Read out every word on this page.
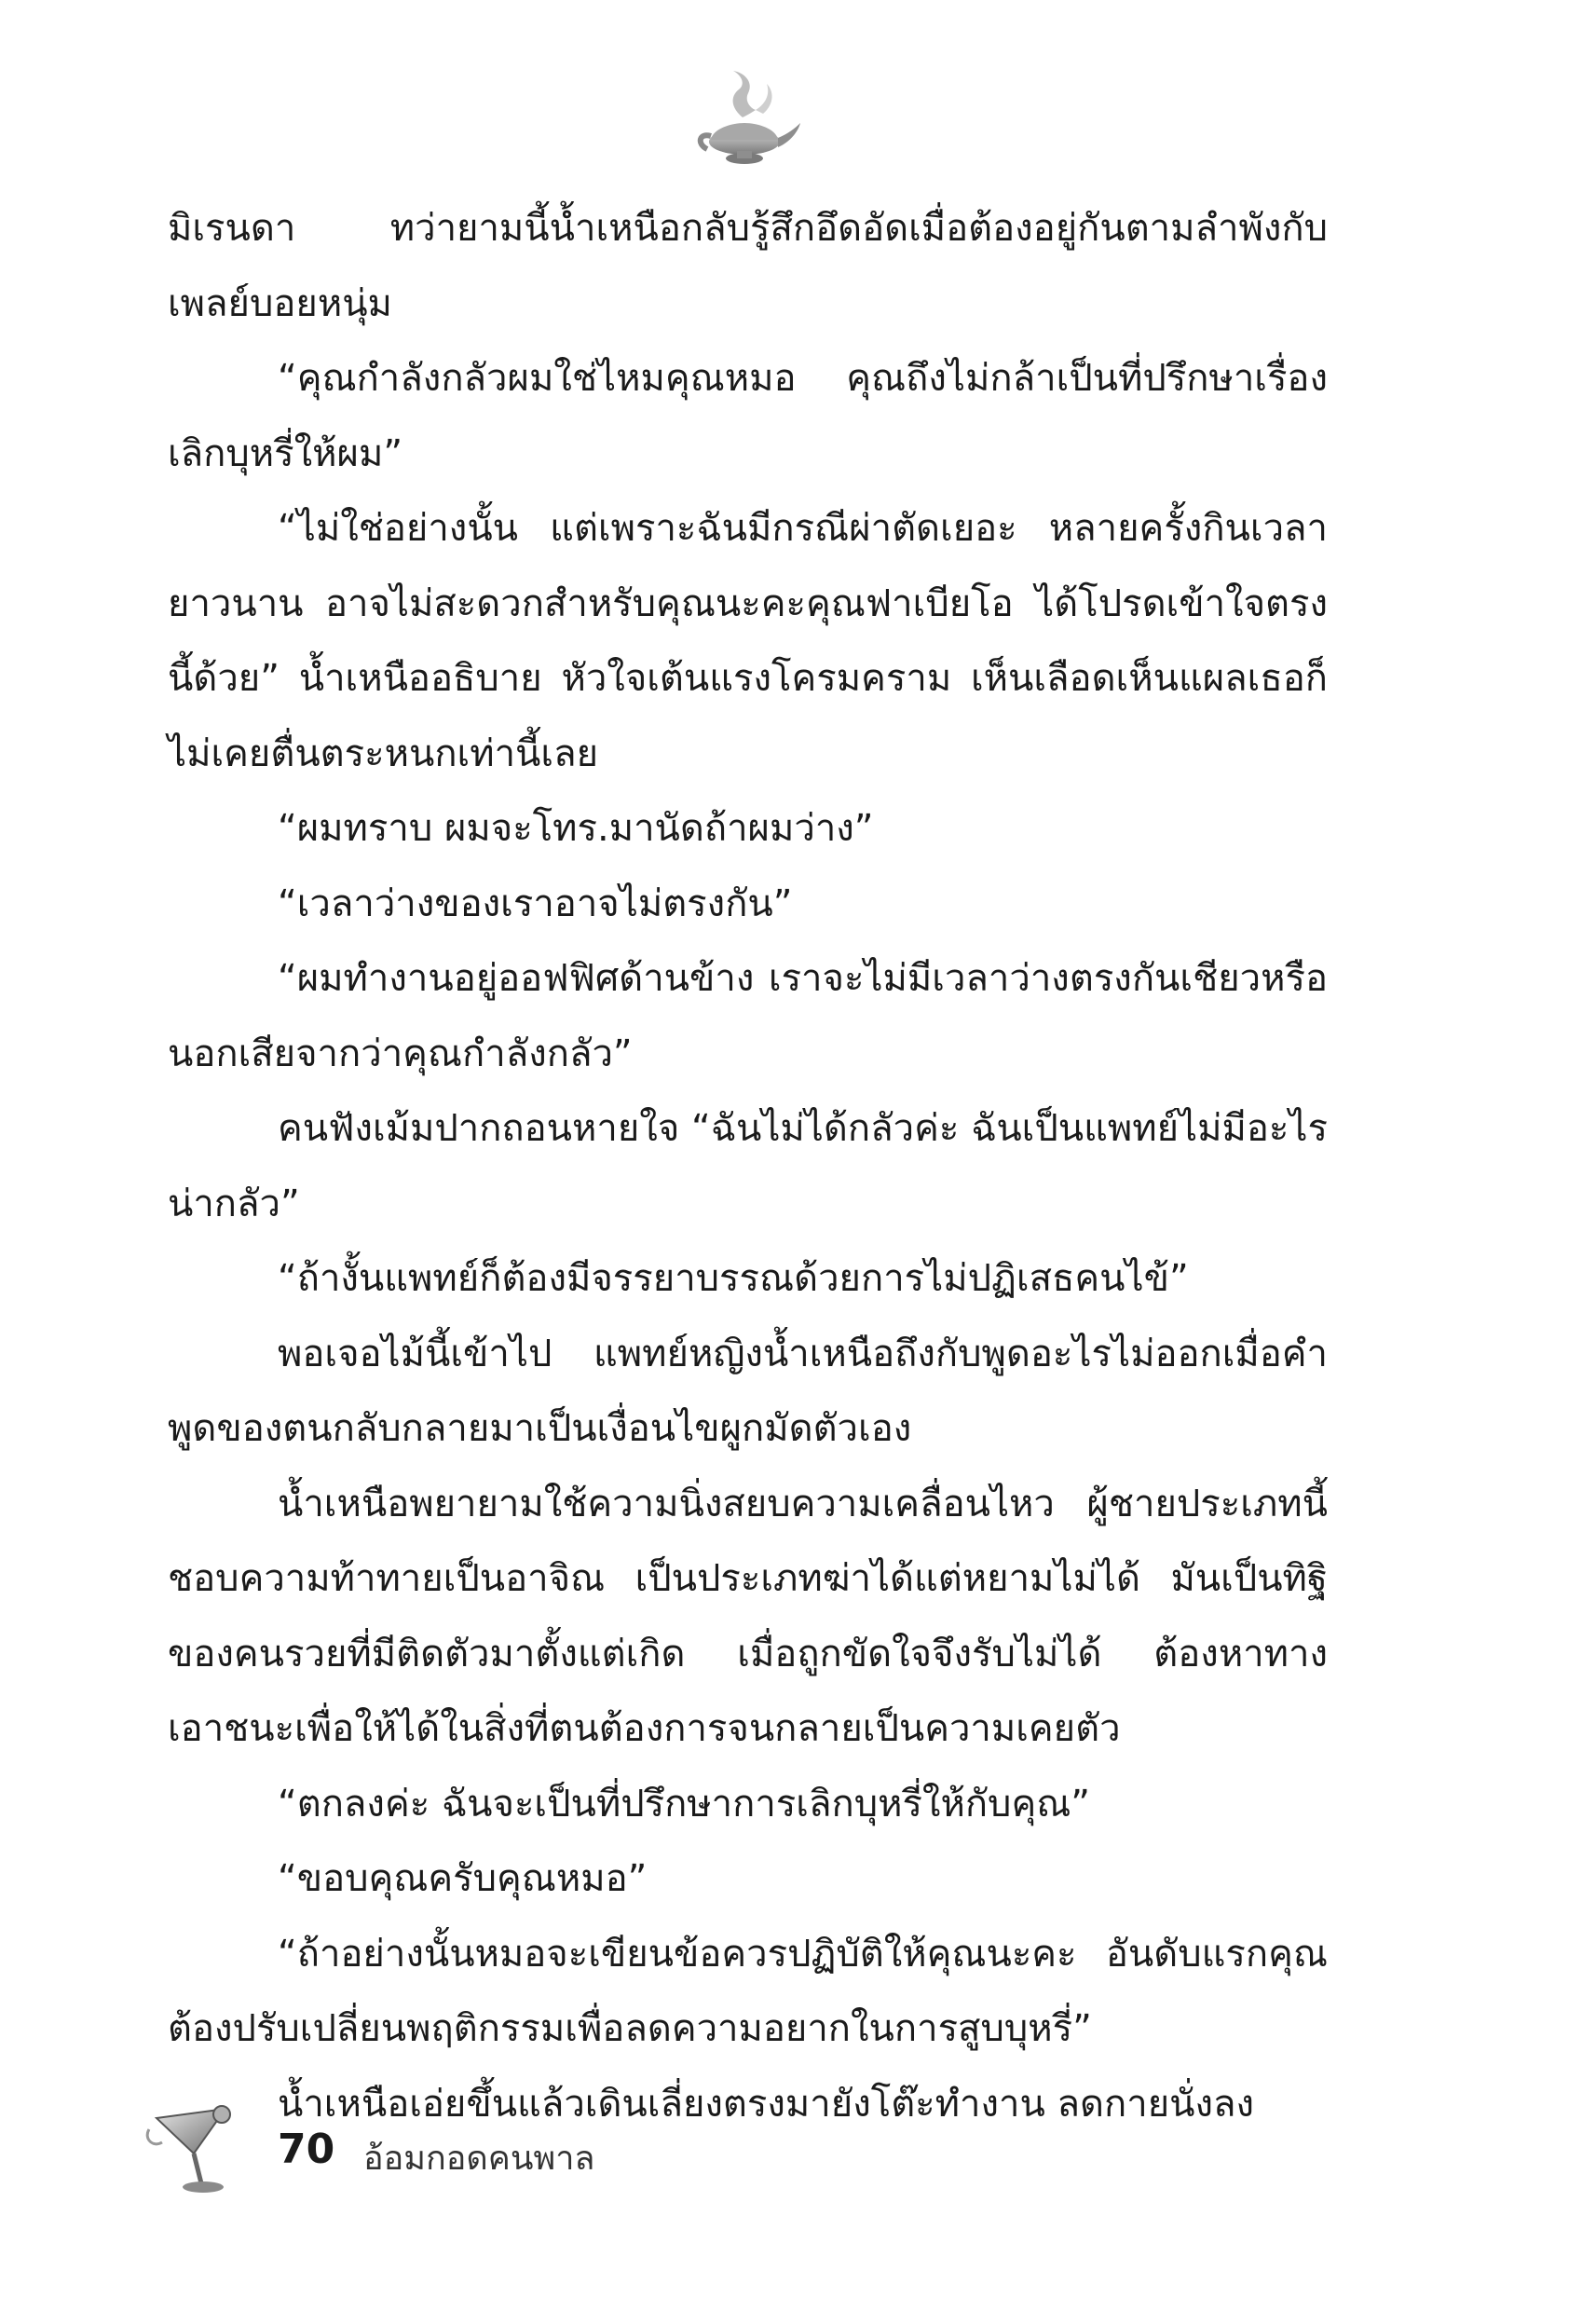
มิเรนดา ทว่ายามนี้น้ำเหนือกลับรู้สึกอึดอัดเมื่อต้องอยู่กันตามลำพังกับเพลย์บอยหนุ่ม

“คุณกำลังกลัวผมใช่ไหมคุณหมอ คุณถึงไม่กล้าเป็นที่ปรึกษาเรื่องเลิกบุหรี่ให้ผม”

“ไม่ใช่อย่างนั้น แต่เพราะฉันมีกรณีผ่าตัดเยอะ หลายครั้งกินเวลายาวนาน อาจไม่สะดวกสำหรับคุณนะคะคุณฟาเบียโอ ได้โปรดเข้าใจตรงนี้ด้วย” น้ำเหนืออธิบาย หัวใจเต้นแรงโครมคราม เห็นเลือดเห็นแผลเธอก็ไม่เคยตื่นตระหนกเท่านี้เลย

“ผมทราบ ผมจะโทร.มานัดถ้าผมว่าง”

“เวลาว่างของเราอาจไม่ตรงกัน”

“ผมทำงานอยู่ออฟฟิศด้านข้าง เราจะไม่มีเวลาว่างตรงกันเชียวหรือ นอกเสียจากว่าคุณกำลังกลัว”

คนฟังเม้มปากถอนหายใจ “ฉันไม่ได้กลัวค่ะ ฉันเป็นแพทย์ไม่มีอะไรน่ากลัว”

“ถ้างั้นแพทย์ก็ต้องมีจรรยาบรรณด้วยการไม่ปฏิเสธคนไข้”

พอเจอไม้นี้เข้าไป แพทย์หญิงน้ำเหนือถึงกับพูดอะไรไม่ออกเมื่อคำพูดของตนกลับกลายมาเป็นเงื่อนไขผูกมัดตัวเอง

น้ำเหนือพยายามใช้ความนิ่งสยบความเคลื่อนไหว ผู้ชายประเภทนี้ชอบความท้าทายเป็นอาจิณ เป็นประเภทฆ่าได้แต่หยามไม่ได้ มันเป็นทิฐิของคนรวยที่มีติดตัวมาตั้งแต่เกิด เมื่อถูกขัดใจจึงรับไม่ได้ ต้องหาทางเอาชนะเพื่อให้ได้ในสิ่งที่ตนต้องการจนกลายเป็นความเคยตัว

“ตกลงค่ะ ฉันจะเป็นที่ปรึกษาการเลิกบุหรี่ให้กับคุณ”

“ขอบคุณครับคุณหมอ”

“ถ้าอย่างนั้นหมอจะเขียนข้อควรปฏิบัติให้คุณนะคะ อันดับแรกคุณต้องปรับเปลี่ยนพฤติกรรมเพื่อลดความอยากในการสูบบุหรี่”

น้ำเหนือเอ่ยขึ้นแล้วเดินเลี่ยงตรงมายังโต๊ะทำงาน ลดกายนั่งลง

70 อ้อมกอดคนพาล
